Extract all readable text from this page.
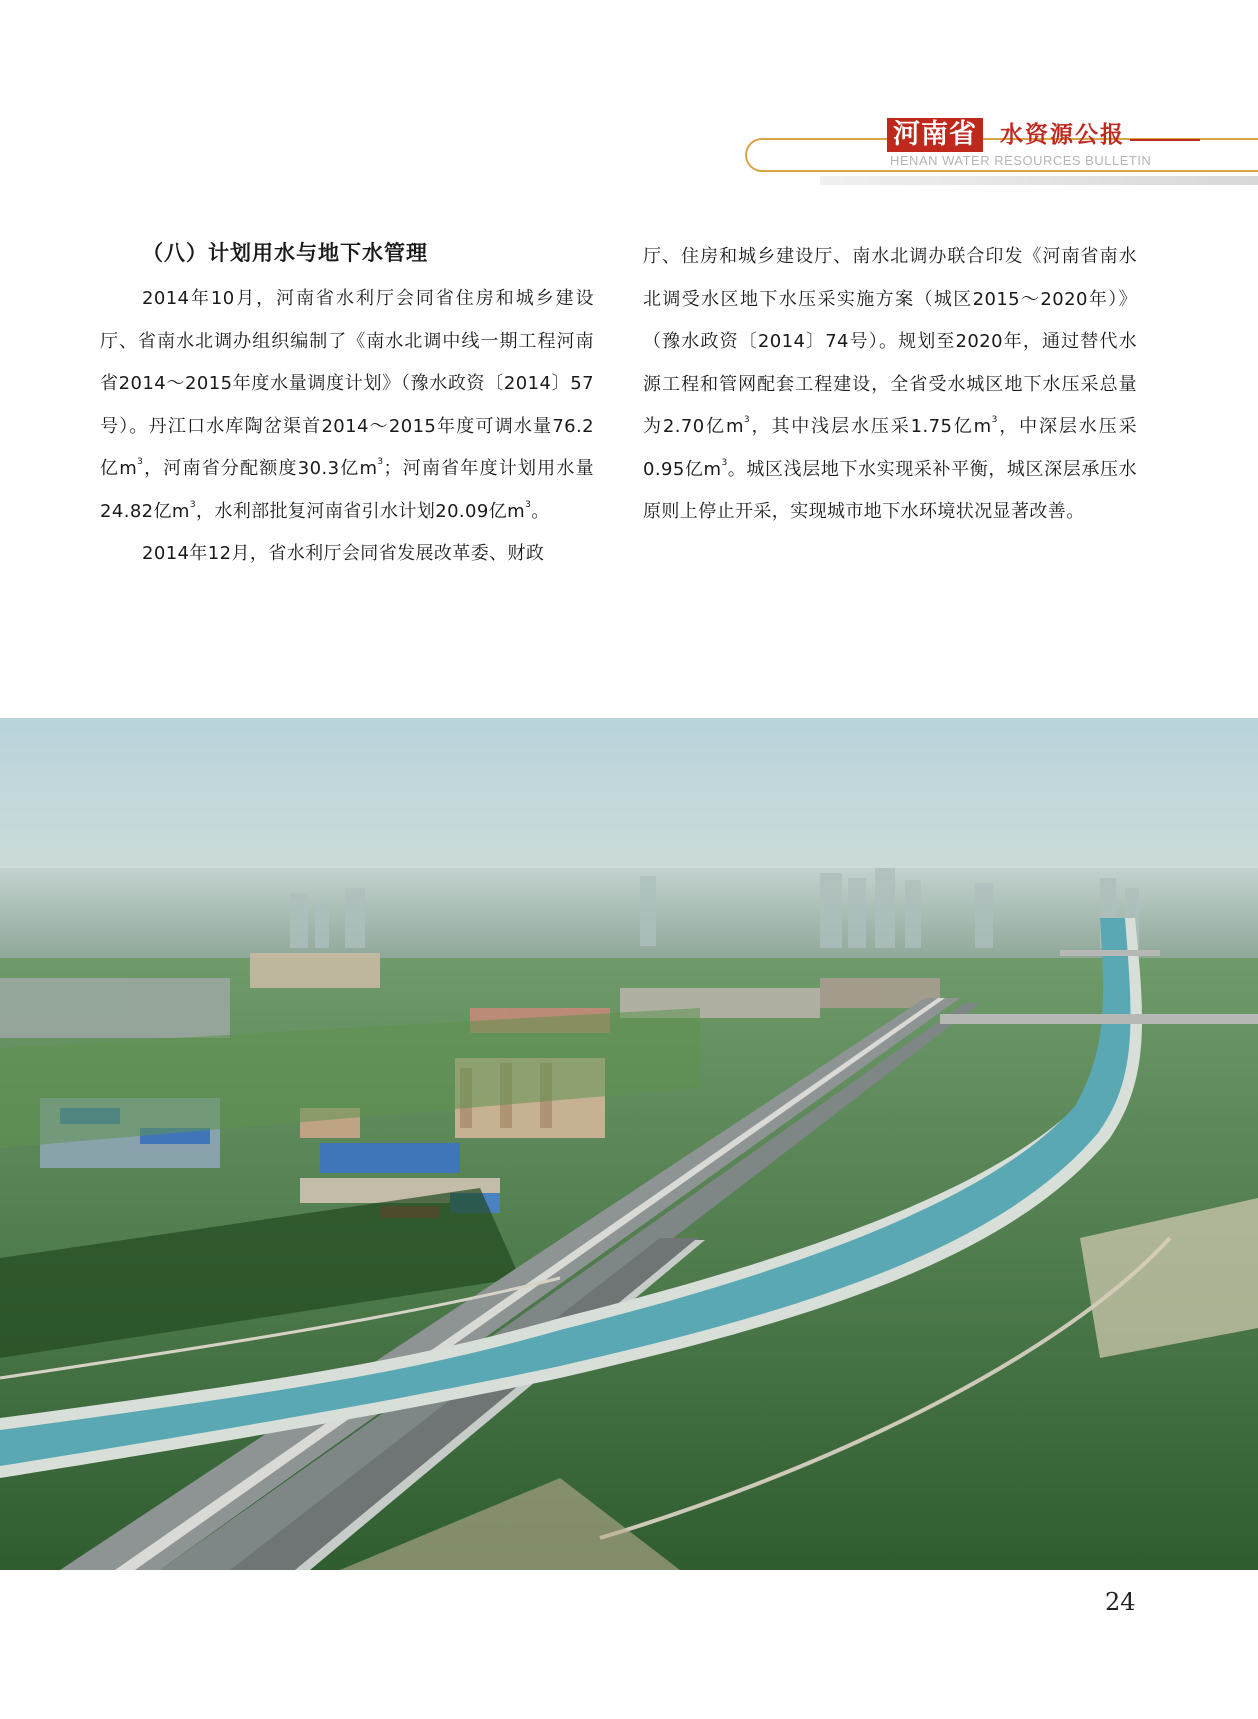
河南省 水资源公报
HENAN WATER RESOURCES BULLETIN
（八）计划用水与地下水管理

2014年10月，河南省水利厅会同省住房和城乡建设厅、省南水北调办组织编制了《南水北调中线一期工程河南省2014～2015年度水量调度计划》（豫水政资〔2014〕57号）。丹江口水库陶岔渠首2014～2015年度可调水量76.2亿$m^3$，河南省分配额度30.3亿$m^3$；河南省年度计划用水量24.82亿$m^3$，水利部批复河南省引水计划20.09亿$m^3$。

2014年12月，省水利厅会同省发展改革委、财政

厅、住房和城乡建设厅、南水北调办联合印发《河南省南水北调受水区地下水压采实施方案（城区2015～2020年）》（豫水政资〔2014〕74号）。规划至2020年，通过替代水源工程和管网配套工程建设，全省受水城区地下水压采总量为2.70亿$m^3$，其中浅层水压采1.75亿$m^3$，中深层水压采0.95亿$m^3$。城区浅层地下水实现采补平衡，城区深层承压水原则上停止开采，实现城市地下水环境状况显著改善。

24
